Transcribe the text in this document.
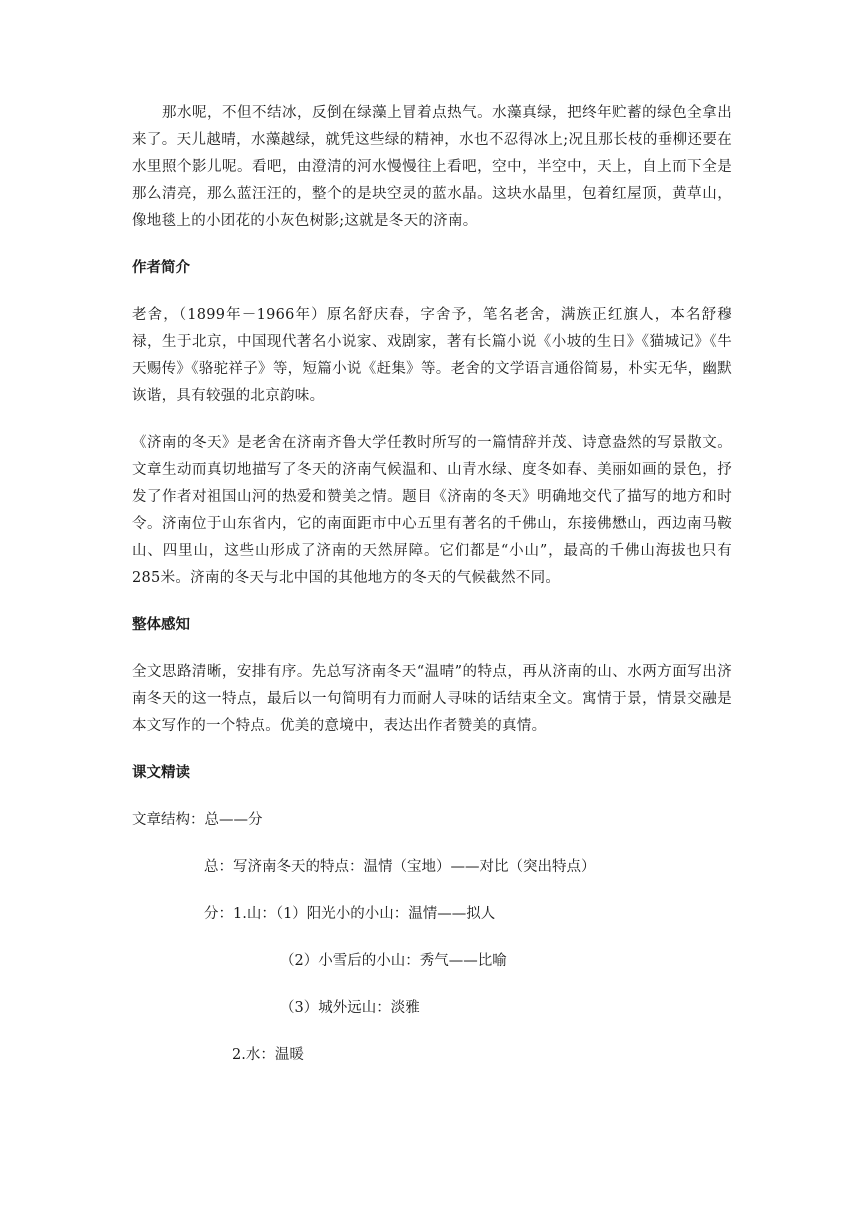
那水呢，不但不结冰，反倒在绿藻上冒着点热气。水藻真绿，把终年贮蓄的绿色全拿出来了。天儿越晴，水藻越绿，就凭这些绿的精神，水也不忍得冰上;况且那长枝的垂柳还要在水里照个影儿呢。看吧，由澄清的河水慢慢往上看吧，空中，半空中，天上，自上而下全是那么清亮，那么蓝汪汪的，整个的是块空灵的蓝水晶。这块水晶里，包着红屋顶，黄草山，像地毯上的小团花的小灰色树影;这就是冬天的济南。

作者简介

老舍，（1899年－1966年）原名舒庆春，字舍予，笔名老舍，满族正红旗人，本名舒穆禄，生于北京，中国现代著名小说家、戏剧家，著有长篇小说《小坡的生日》《猫城记》《牛天赐传》《骆驼祥子》等，短篇小说《赶集》等。老舍的文学语言通俗简易，朴实无华，幽默诙谐，具有较强的北京韵味。

《济南的冬天》是老舍在济南齐鲁大学任教时所写的一篇情辞并茂、诗意盎然的写景散文。文章生动而真切地描写了冬天的济南气候温和、山青水绿、度冬如春、美丽如画的景色，抒发了作者对祖国山河的热爱和赞美之情。题目《济南的冬天》明确地交代了描写的地方和时令。济南位于山东省内，它的南面距市中心五里有著名的千佛山，东接佛懋山，西边南马鞍山、四里山，这些山形成了济南的天然屏障。它们都是“小山”，最高的千佛山海拔也只有285米。济南的冬天与北中国的其他地方的冬天的气候截然不同。

整体感知

全文思路清晰，安排有序。先总写济南冬天“温晴”的特点，再从济南的山、水两方面写出济南冬天的这一特点，最后以一句简明有力而耐人寻味的话结束全文。寓情于景，情景交融是本文写作的一个特点。优美的意境中，表达出作者赞美的真情。

课文精读

文章结构：总——分

总：写济南冬天的特点：温情（宝地）——对比（突出特点）

分：1.山：（1）阳光小的小山：温情——拟人

（2）小雪后的小山：秀气——比喻

（3）城外远山：淡雅

2.水：温暖
